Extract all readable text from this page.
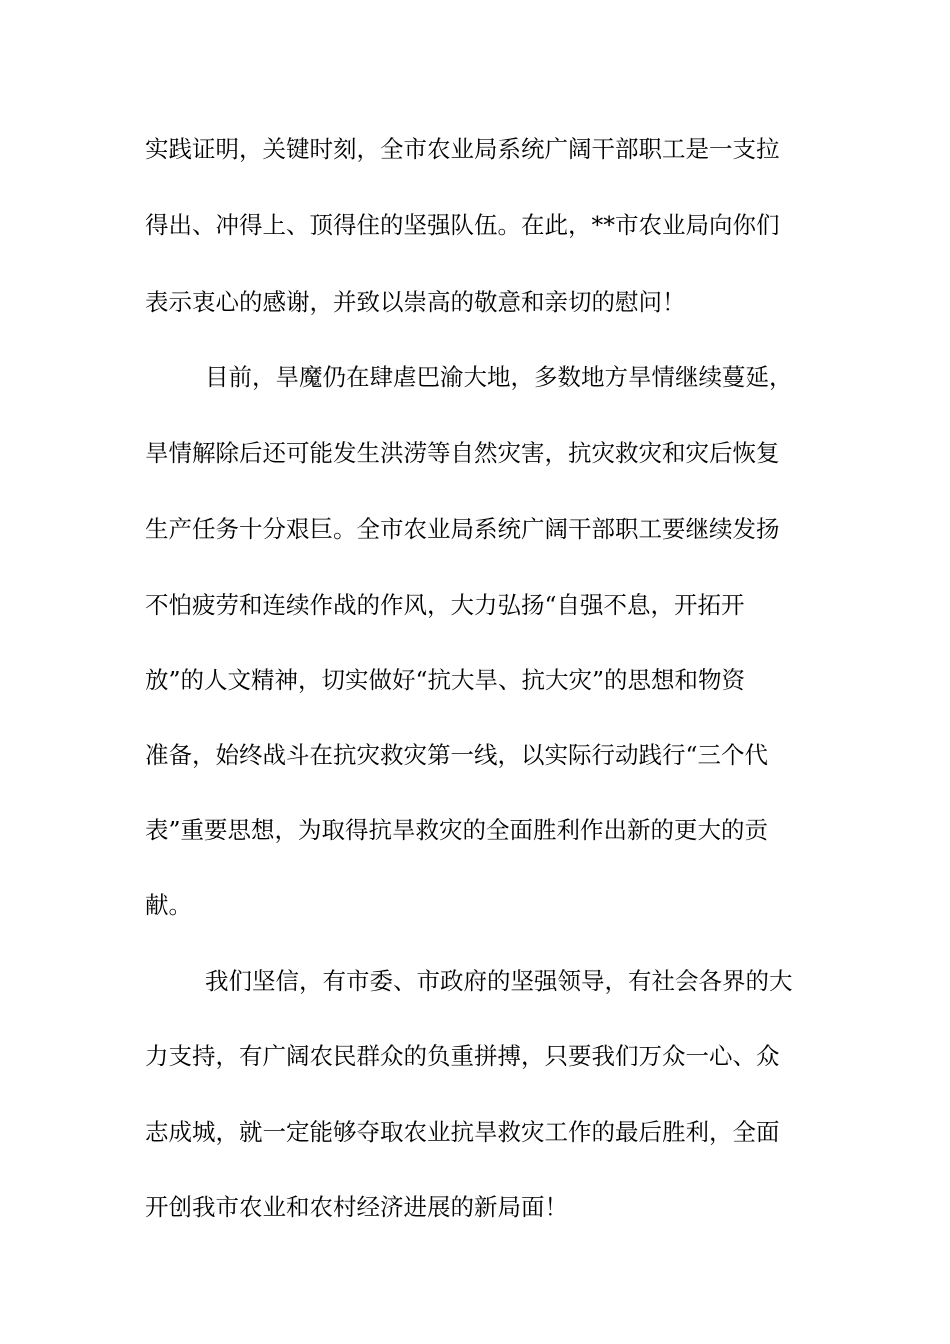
实践证明，关键时刻，全市农业局系统广阔干部职工是一支拉
得出、冲得上、顶得住的坚强队伍。在此，**市农业局向你们
表示衷心的感谢，并致以崇高的敬意和亲切的慰问！
目前，旱魔仍在肆虐巴渝大地，多数地方旱情继续蔓延，
旱情解除后还可能发生洪涝等自然灾害，抗灾救灾和灾后恢复
生产任务十分艰巨。全市农业局系统广阔干部职工要继续发扬
不怕疲劳和连续作战的作风，大力弘扬“自强不息，开拓开
放”的人文精神，切实做好“抗大旱、抗大灾”的思想和物资
准备，始终战斗在抗灾救灾第一线，以实际行动践行“三个代
表”重要思想，为取得抗旱救灾的全面胜利作出新的更大的贡
献。
我们坚信，有市委、市政府的坚强领导，有社会各界的大
力支持，有广阔农民群众的负重拼搏，只要我们万众一心、众
志成城，就一定能够夺取农业抗旱救灾工作的最后胜利，全面
开创我市农业和农村经济进展的新局面！
